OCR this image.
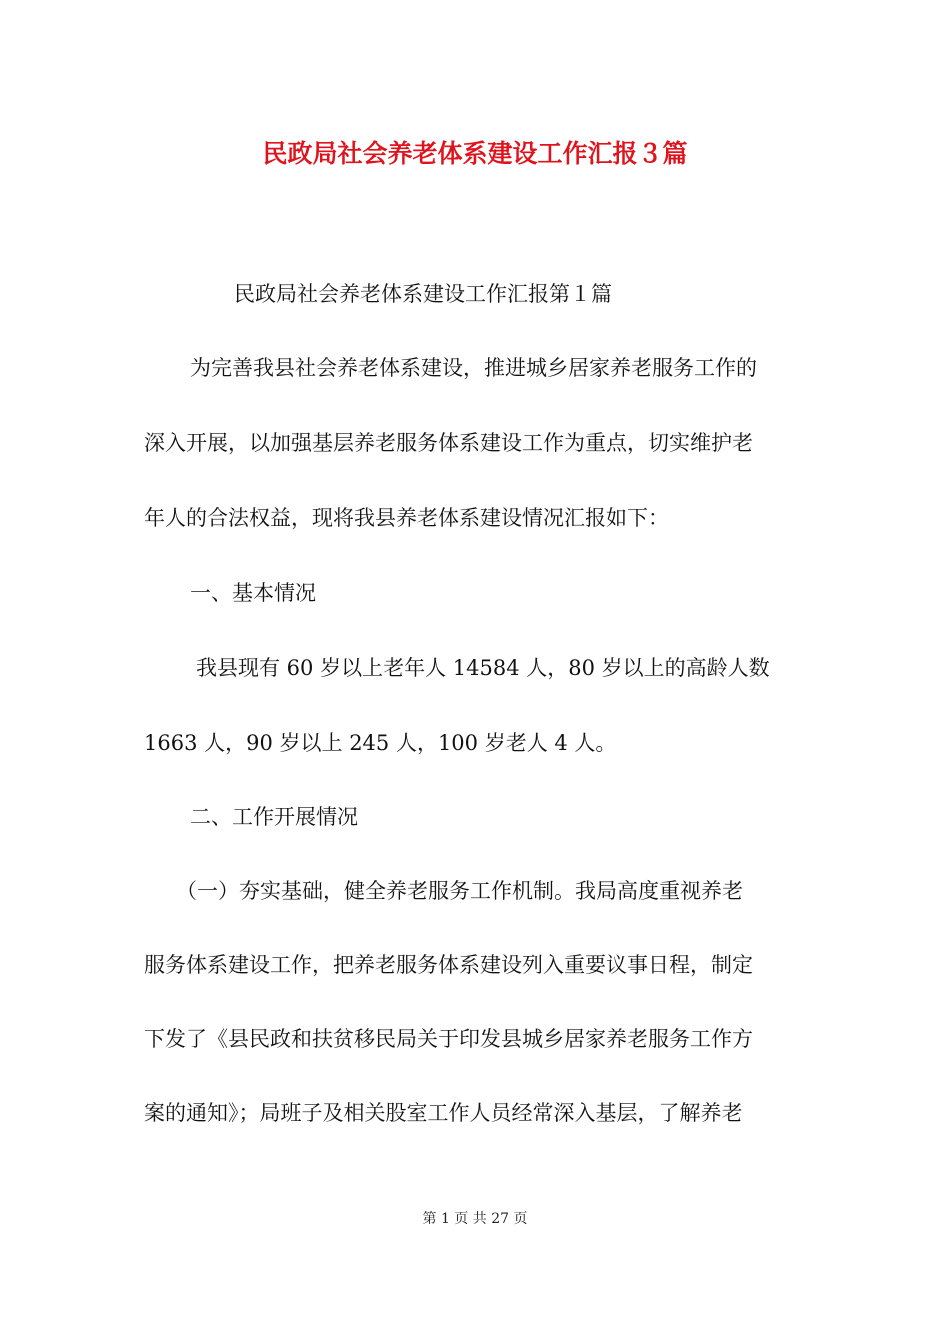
民政局社会养老体系建设工作汇报３篇
民政局社会养老体系建设工作汇报第１篇
为完善我县社会养老体系建设，推进城乡居家养老服务工作的
深入开展，以加强基层养老服务体系建设工作为重点，切实维护老
年人的合法权益，现将我县养老体系建设情况汇报如下：
一、基本情况
我县现有 60 岁以上老年人 14584 人，80 岁以上的高龄人数
1663 人，90 岁以上 245 人，100 岁老人 4 人。
二、工作开展情况
（一）夯实基础，健全养老服务工作机制。我局高度重视养老
服务体系建设工作，把养老服务体系建设列入重要议事日程，制定
下发了《县民政和扶贫移民局关于印发县城乡居家养老服务工作方
案的通知》；局班子及相关股室工作人员经常深入基层，了解养老
第 1 页 共 27 页
